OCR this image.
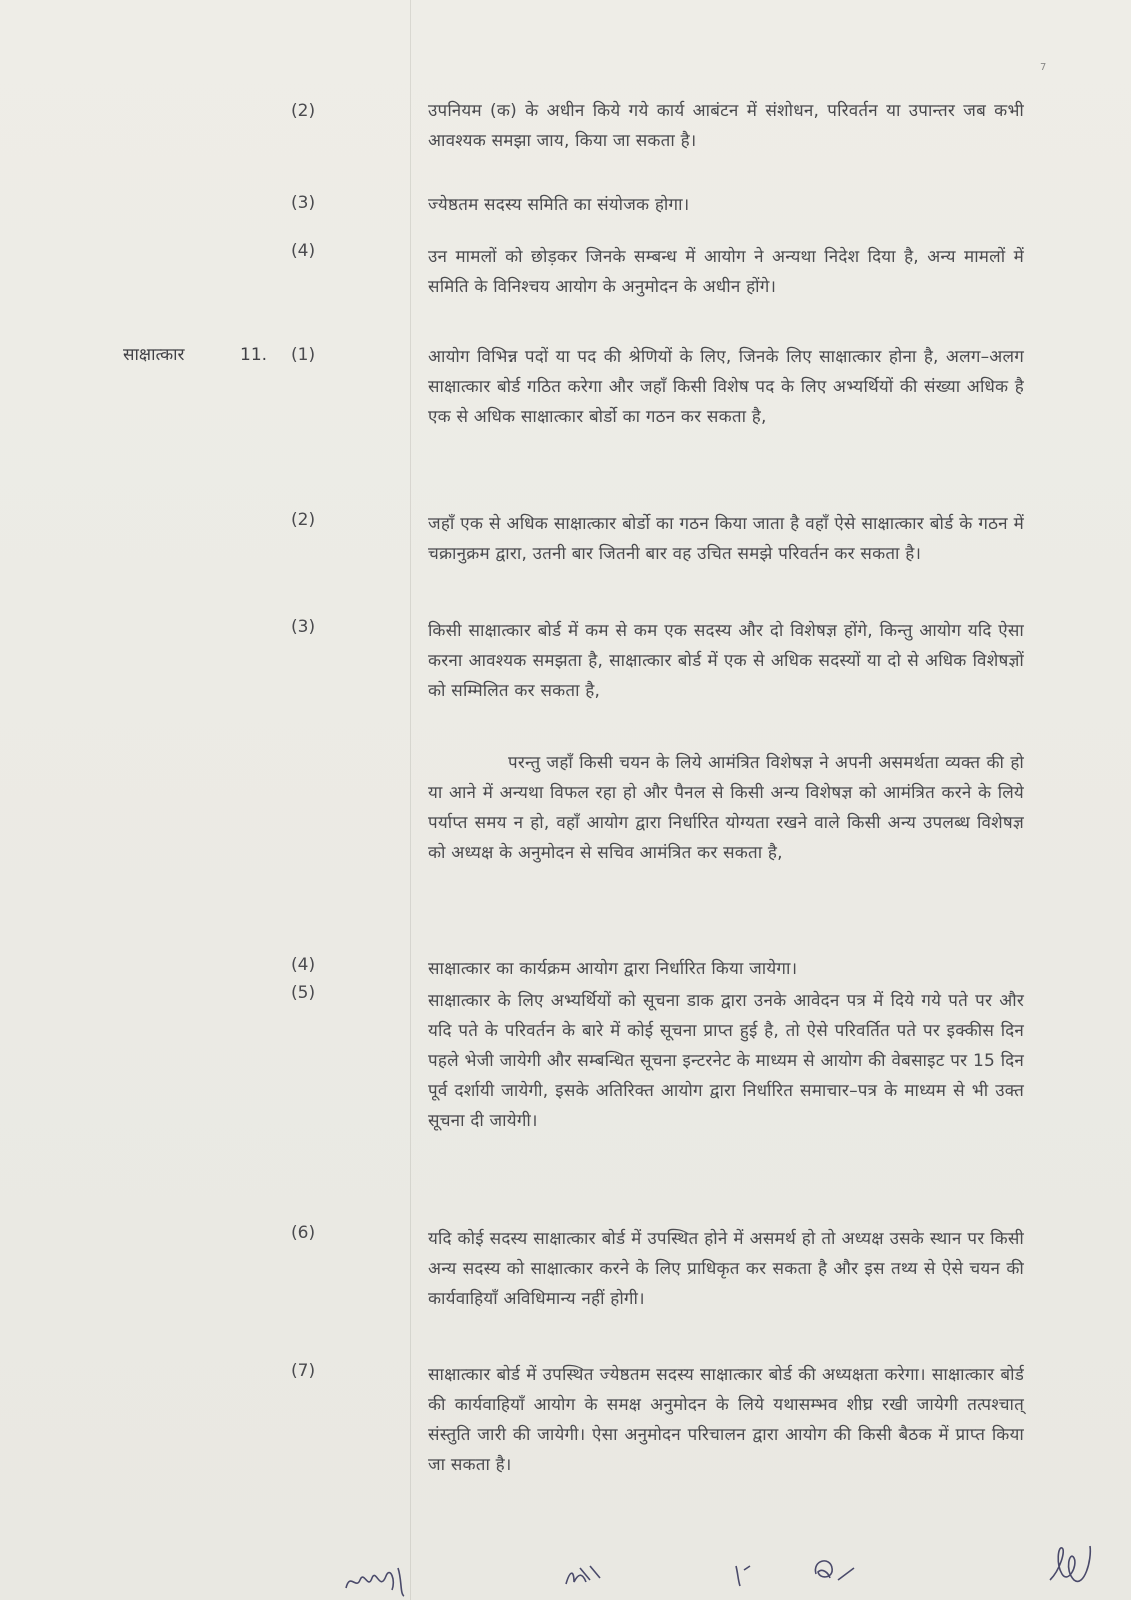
7
(2)	उपनियम (क) के अधीन किये गये कार्य आबंटन में संशोधन, परिवर्तन या उपान्तर जब कभी आवश्यक समझा जाय, किया जा सकता है।
(3)	ज्येष्ठतम सदस्य समिति का संयोजक होगा।
(4)	उन मामलों को छोड़कर जिनके सम्बन्ध में आयोग ने अन्यथा निदेश दिया है, अन्य मामलों में समिति के विनिश्चय आयोग के अनुमोदन के अधीन होंगे।
साक्षात्कार	11. (1)	आयोग विभिन्न पदों या पद की श्रेणियों के लिए, जिनके लिए साक्षात्कार होना है, अलग–अलग साक्षात्कार बोर्ड गठित करेगा और जहाँ किसी विशेष पद के लिए अभ्यर्थियों की संख्या अधिक है एक से अधिक साक्षात्कार बोर्डो का गठन कर सकता है,
(2)	जहाँ एक से अधिक साक्षात्कार बोर्डो का गठन किया जाता है वहाँ ऐसे साक्षात्कार बोर्ड के गठन में चक्रानुक्रम द्वारा, उतनी बार जितनी बार वह उचित समझे परिवर्तन कर सकता है।
(3)	किसी साक्षात्कार बोर्ड में कम से कम एक सदस्य और दो विशेषज्ञ होंगे, किन्तु आयोग यदि ऐसा करना आवश्यक समझता है, साक्षात्कार बोर्ड में एक से अधिक सदस्यों या दो से अधिक विशेषज्ञों को सम्मिलित कर सकता है,
परन्तु जहाँ किसी चयन के लिये आमंत्रित विशेषज्ञ ने अपनी असमर्थता व्यक्त की हो या आने में अन्यथा विफल रहा हो और पैनल से किसी अन्य विशेषज्ञ को आमंत्रित करने के लिये पर्याप्त समय न हो, वहाँ आयोग द्वारा निर्धारित योग्यता रखने वाले किसी अन्य उपलब्ध विशेषज्ञ को अध्यक्ष के अनुमोदन से सचिव आमंत्रित कर सकता है,
(4)	साक्षात्कार का कार्यक्रम आयोग द्वारा निर्धारित किया जायेगा।
(5)	साक्षात्कार के लिए अभ्यर्थियों को सूचना डाक द्वारा उनके आवेदन पत्र में दिये गये पते पर और यदि पते के परिवर्तन के बारे में कोई सूचना प्राप्त हुई है, तो ऐसे परिवर्तित पते पर इक्कीस दिन पहले भेजी जायेगी और सम्बन्धित सूचना इन्टरनेट के माध्यम से आयोग की वेबसाइट पर 15 दिन पूर्व दर्शायी जायेगी, इसके अतिरिक्त आयोग द्वारा निर्धारित समाचार–पत्र के माध्यम से भी उक्त सूचना दी जायेगी।
(6)	यदि कोई सदस्य साक्षात्कार बोर्ड में उपस्थित होने में असमर्थ हो तो अध्यक्ष उसके स्थान पर किसी अन्य सदस्य को साक्षात्कार करने के लिए प्राधिकृत कर सकता है और इस तथ्य से ऐसे चयन की कार्यवाहियाँ अविधिमान्य नहीं होगी।
(7)	साक्षात्कार बोर्ड में उपस्थित ज्येष्ठतम सदस्य साक्षात्कार बोर्ड की अध्यक्षता करेगा। साक्षात्कार बोर्ड की कार्यवाहियाँ आयोग के समक्ष अनुमोदन के लिये यथासम्भव शीघ्र रखी जायेगी तत्पश्चात् संस्तुति जारी की जायेगी। ऐसा अनुमोदन परिचालन द्वारा आयोग की किसी बैठक में प्राप्त किया जा सकता है।
